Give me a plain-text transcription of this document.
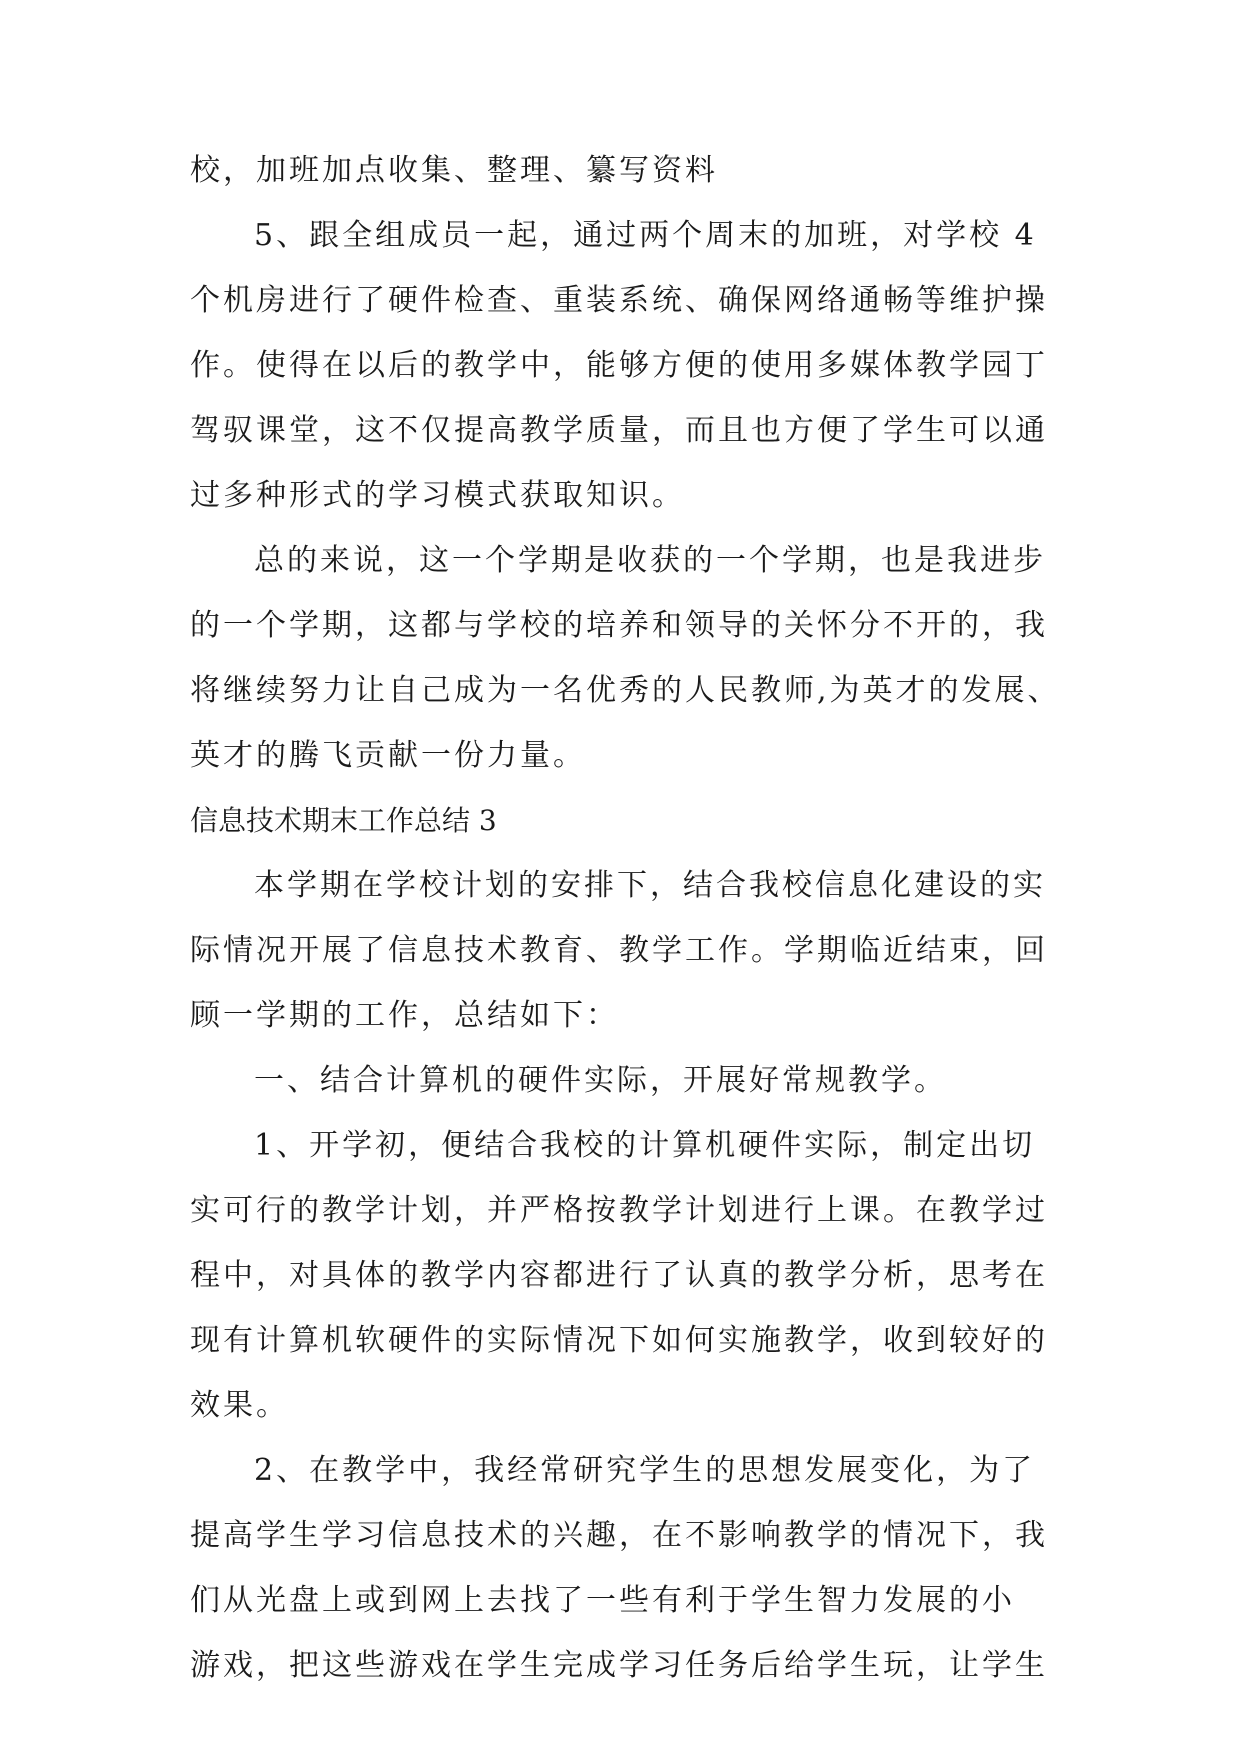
校，加班加点收集、整理、纂写资料
5、跟全组成员一起，通过两个周末的加班，对学校 4
个机房进行了硬件检查、重装系统、确保网络通畅等维护操
作。使得在以后的教学中，能够方便的使用多媒体教学园丁
驾驭课堂，这不仅提高教学质量，而且也方便了学生可以通
过多种形式的学习模式获取知识。
总的来说，这一个学期是收获的一个学期，也是我进步
的一个学期，这都与学校的培养和领导的关怀分不开的，我
将继续努力让自己成为一名优秀的人民教师,为英才的发展、
英才的腾飞贡献一份力量。
信息技术期末工作总结 3
本学期在学校计划的安排下，结合我校信息化建设的实
际情况开展了信息技术教育、教学工作。学期临近结束，回
顾一学期的工作，总结如下：
一、结合计算机的硬件实际，开展好常规教学。
1、开学初，便结合我校的计算机硬件实际，制定出切
实可行的教学计划，并严格按教学计划进行上课。在教学过
程中，对具体的教学内容都进行了认真的教学分析，思考在
现有计算机软硬件的实际情况下如何实施教学，收到较好的
效果。
2、在教学中，我经常研究学生的思想发展变化，为了
提高学生学习信息技术的兴趣，在不影响教学的情况下，我
们从光盘上或到网上去找了一些有利于学生智力发展的小
游戏，把这些游戏在学生完成学习任务后给学生玩，让学生
